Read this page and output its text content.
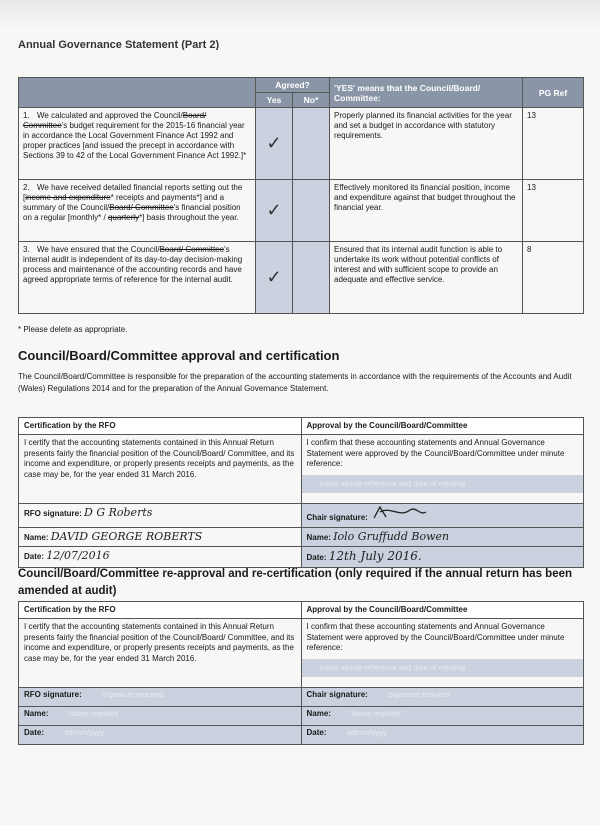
Annual Governance Statement (Part 2)
	Agreed?		'YES' means that the Council/Board/ Committee:	PG Ref
	Yes	No*		
1. We calculated and approved the Council/Board/ Committee's budget requirement for the 2015-16 financial year in accordance the Local Government Finance Act 1992 and proper practices [and issued the precept in accordance with Sections 39 to 42 of the Local Government Finance Act 1992.]*	✓		Properly planned its financial activities for the year and set a budget in accordance with statutory requirements.	13
2. We have received detailed financial reports setting out the [income and expenditure* receipts and payments*] and a summary of the Council/Board/ Committee's financial position on a regular [monthly* / quarterly*] basis throughout the year.	✓		Effectively monitored its financial position, income and expenditure against that budget throughout the financial year.	13
3. We have ensured that the Council/Board/ Committee's internal audit is independent of its day-to-day decision-making process and maintenance of the accounting records and have agreed appropriate terms of reference for the internal audit.	✓		Ensured that its internal audit function is able to undertake its work without potential conflicts of interest and with sufficient scope to provide an adequate and effective service.	8
* Please delete as appropriate.
Council/Board/Committee approval and certification
The Council/Board/Committee is responsible for the preparation of the accounting statements in accordance with the requirements of the Accounts and Audit (Wales) Regulations 2014 and for the preparation of the Annual Governance Statement.
Certification by the RFO	Approval by the Council/Board/Committee
I certify that the accounting statements contained in this Annual Return presents fairly the financial position of the Council/Board/ Committee, and its income and expenditure, or properly presents receipts and payments, as the case may be, for the year ended 31 March 2016.	I confirm that these accounting statements and Annual Governance Statement were approved by the Council/Board/Committee under minute reference:
Insert minute reference and date of meeting

RFO signature: D G Roberts	Chair signature:
Name: DAVID GEORGE ROBERTS	Name: Iolo Gruffudd Bowen
Date: 12/07/2016	Date: 12th July 2016.
Council/Board/Committee re-approval and re-certification (only required if the annual return has been amended at audit)
Certification by the RFO	Approval by the Council/Board/Committee
I certify that the accounting statements contained in this Annual Return presents fairly the financial position of the Council/Board/ Committee, and its income and expenditure, or properly presents receipts and payments, as the case may be, for the year ended 31 March 2016.	I confirm that these accounting statements and Annual Governance Statement were approved by the Council/Board/Committee under minute reference:
Insert minute reference and date of meeting

RFO signature: Signature required	Chair signature: Signature required
Name: Name required	Name: Name required
Date: dd/mm/yyyy	Date: dd/mm/yyyy
